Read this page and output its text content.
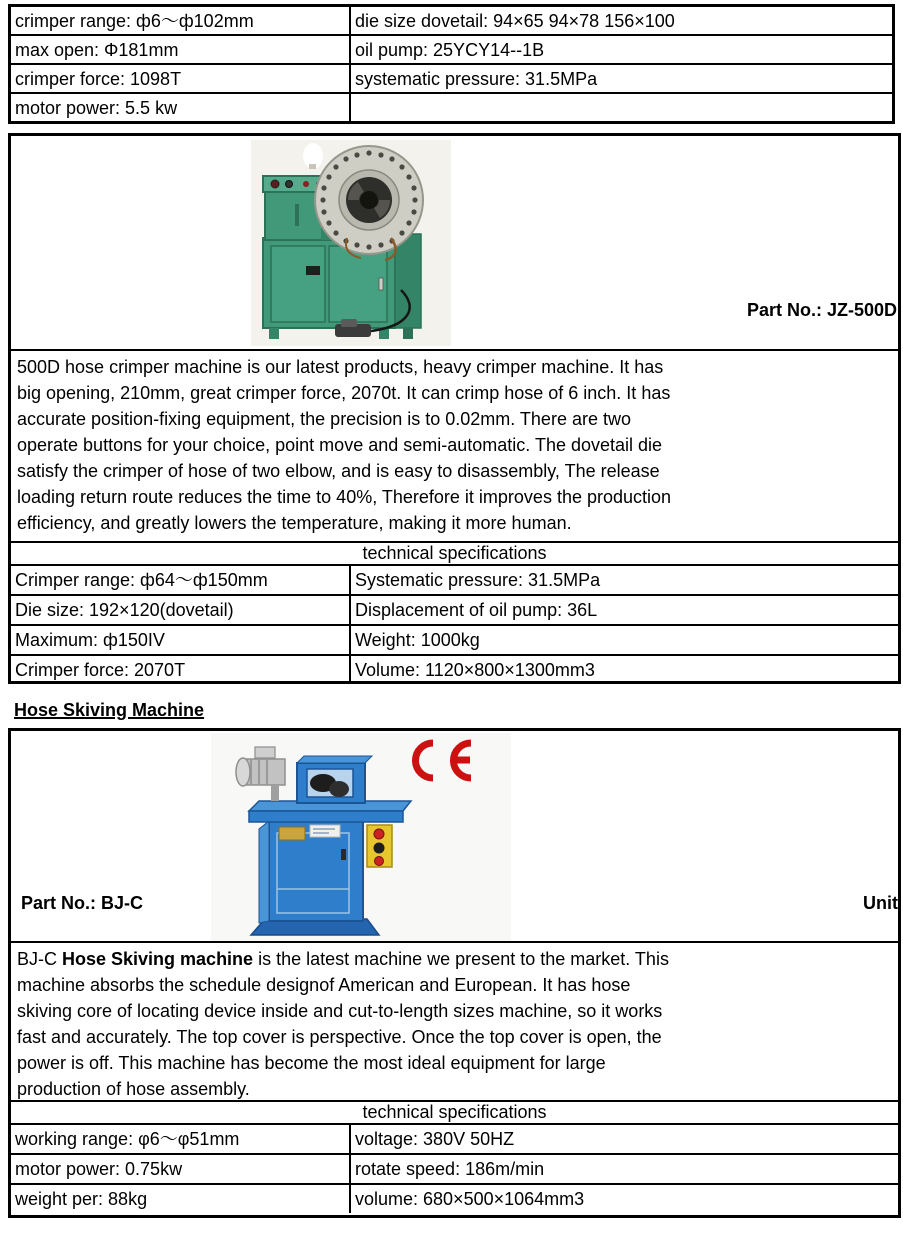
crimper range: ф6～ф102mm	die size dovetail: 94×65 94×78 156×100
max open: Φ181mm	oil pump: 25YCY14--1B
crimper force: 1098T	systematic pressure: 31.5MPa
motor power: 5.5 kw	
Part No.: JZ-500D
500D hose crimper machine is our latest products, heavy crimper machine. It has
big opening, 210mm, great crimper force, 2070t. It can crimp hose of 6 inch. It has
accurate position-fixing equipment, the precision is to 0.02mm. There are two
operate buttons for your choice, point move and semi-automatic. The dovetail die
satisfy the crimper of hose of two elbow, and is easy to disassembly, The release
loading return route reduces the time to 40%, Therefore it improves the production
efficiency, and greatly lowers the temperature, making it more human.
technical specifications
Crimper range: ф64～ф150mm	Systematic pressure: 31.5MPa
Die size: 192×120(dovetail)	Displacement of oil pump: 36L
Maximum: ф150IV	Weight: 1000kg
Crimper force: 2070T	Volume: 1120×800×1300mm3
Hose Skiving Machine
Part No.: BJ-C	Unit
BJ-C Hose Skiving machine is the latest machine we present to the market. This
machine absorbs the schedule designof American and European. It has hose
skiving core of locating device inside and cut-to-length sizes machine, so it works
fast and accurately. The top cover is perspective. Once the top cover is open, the
power is off. This machine has become the most ideal equipment for large
production of hose assembly.
technical specifications
working range: φ6～φ51mm	voltage: 380V 50HZ
motor power: 0.75kw	rotate speed: 186m/min
weight per: 88kg	volume: 680×500×1064mm3
